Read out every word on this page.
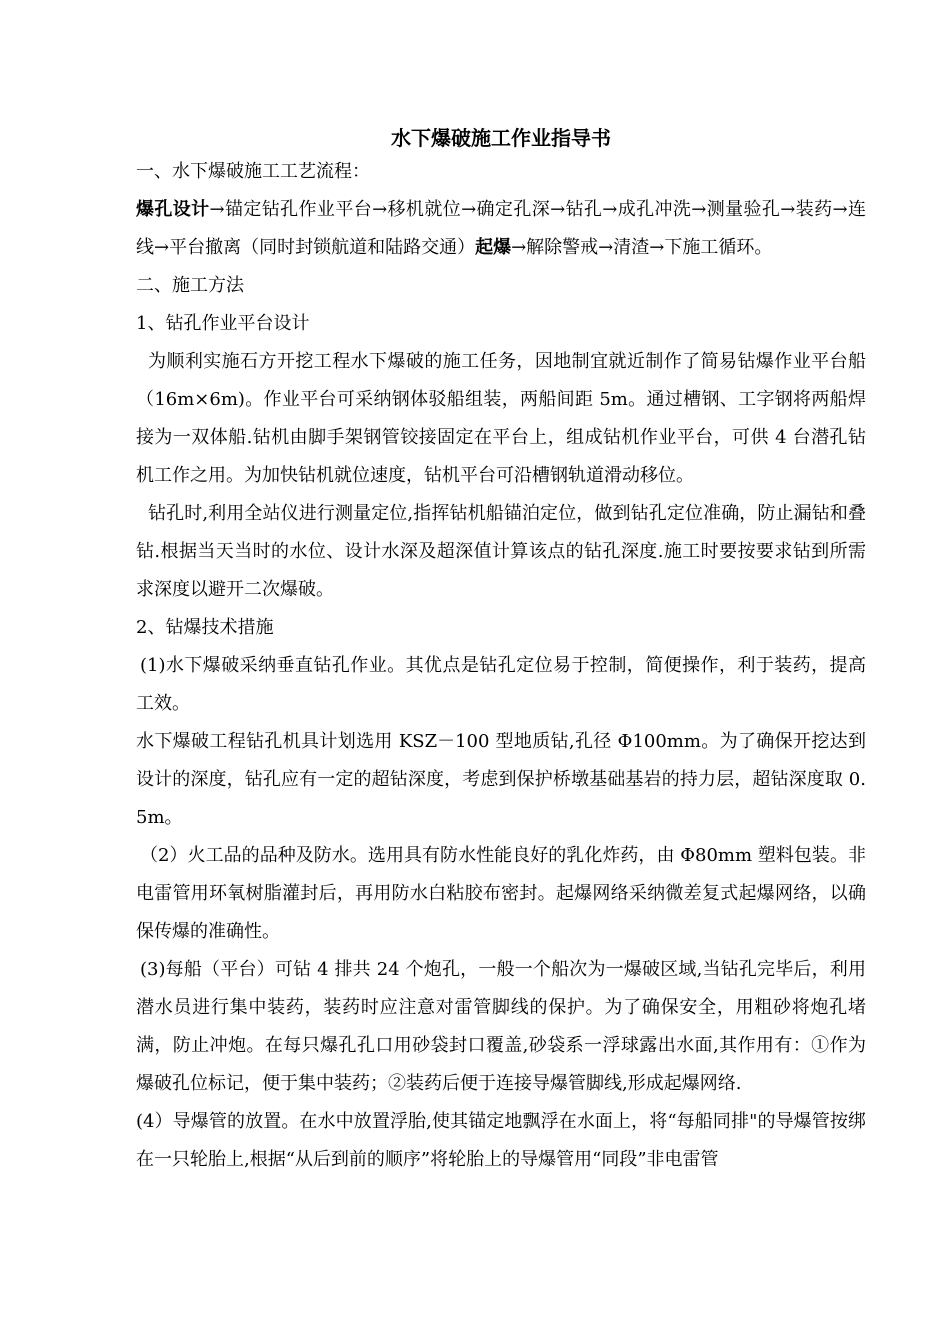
水下爆破施工作业指导书

一、水下爆破施工工艺流程：

爆孔设计→锚定钻孔作业平台→移机就位→确定孔深→钻孔→成孔冲洗→测量验孔→装药→连线→平台撤离（同时封锁航道和陆路交通）起爆→解除警戒→清渣→下施工循环。

二、施工方法

1、钻孔作业平台设计

为顺利实施石方开挖工程水下爆破的施工任务，因地制宜就近制作了简易钻爆作业平台船（16m×6m)。作业平台可采纳钢体驳船组装，两船间距 5m。通过槽钢、工字钢将两船焊接为一双体船.钻机由脚手架钢管铰接固定在平台上，组成钻机作业平台，可供 4 台潜孔钻机工作之用。为加快钻机就位速度，钻机平台可沿槽钢轨道滑动移位。

钻孔时,利用全站仪进行测量定位,指挥钻机船锚泊定位，做到钻孔定位准确，防止漏钻和叠钻.根据当天当时的水位、设计水深及超深值计算该点的钻孔深度.施工时要按要求钻到所需求深度以避开二次爆破。

2、钻爆技术措施

(1)水下爆破采纳垂直钻孔作业。其优点是钻孔定位易于控制，简便操作，利于装药，提高工效。

水下爆破工程钻孔机具计划选用 KSZ－100 型地质钻,孔径 Φ100mm。为了确保开挖达到设计的深度，钻孔应有一定的超钻深度，考虑到保护桥墩基础基岩的持力层，超钻深度取 0.5m。

（2）火工品的品种及防水。选用具有防水性能良好的乳化炸药，由 Φ80mm 塑料包装。非电雷管用环氧树脂灌封后，再用防水白粘胶布密封。起爆网络采纳微差复式起爆网络，以确保传爆的准确性。

(3)每船（平台）可钻 4 排共 24 个炮孔，一般一个船次为一爆破区域,当钻孔完毕后，利用潜水员进行集中装药，装药时应注意对雷管脚线的保护。为了确保安全，用粗砂将炮孔堵满，防止冲炮。在每只爆孔孔口用砂袋封口覆盖,砂袋系一浮球露出水面,其作用有：①作为爆破孔位标记，便于集中装药；②装药后便于连接导爆管脚线,形成起爆网络.

(4）导爆管的放置。在水中放置浮胎,使其锚定地飘浮在水面上，将“每船同排"的导爆管按绑在一只轮胎上,根据“从后到前的顺序”将轮胎上的导爆管用“同段”非电雷管
